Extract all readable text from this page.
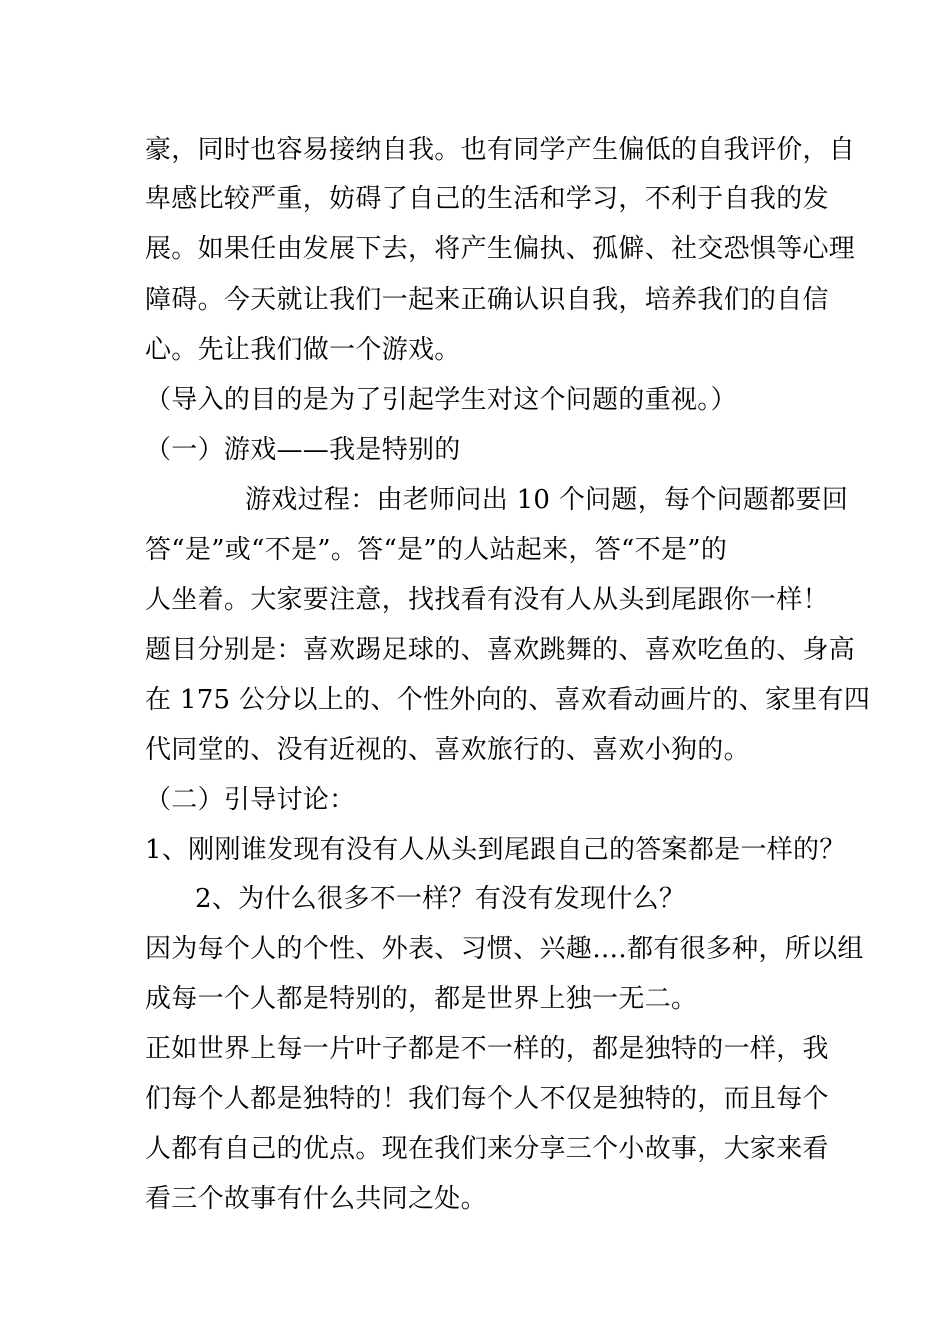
豪，同时也容易接纳自我。也有同学产生偏低的自我评价，自
卑感比较严重，妨碍了自己的生活和学习，不利于自我的发
展。如果任由发展下去，将产生偏执、孤僻、社交恐惧等心理
障碍。今天就让我们一起来正确认识自我，培养我们的自信
心。先让我们做一个游戏。
（导入的目的是为了引起学生对这个问题的重视。）
（一）游戏——我是特别的
游戏过程：由老师问出 10 个问题，每个问题都要回
答“是”或“不是”。答“是”的人站起来，答“不是”的
人坐着。大家要注意，找找看有没有人从头到尾跟你一样！
题目分别是：喜欢踢足球的、喜欢跳舞的、喜欢吃鱼的、身高
在 175 公分以上的、个性外向的、喜欢看动画片的、家里有四
代同堂的、没有近视的、喜欢旅行的、喜欢小狗的。
（二）引导讨论：
1、刚刚谁发现有没有人从头到尾跟自己的答案都是一样的？
2、为什么很多不一样？有没有发现什么？
因为每个人的个性、外表、习惯、兴趣….都有很多种，所以组
成每一个人都是特别的，都是世界上独一无二。
正如世界上每一片叶子都是不一样的，都是独特的一样，我
们每个人都是独特的！我们每个人不仅是独特的，而且每个
人都有自己的优点。现在我们来分享三个小故事，大家来看
看三个故事有什么共同之处。
